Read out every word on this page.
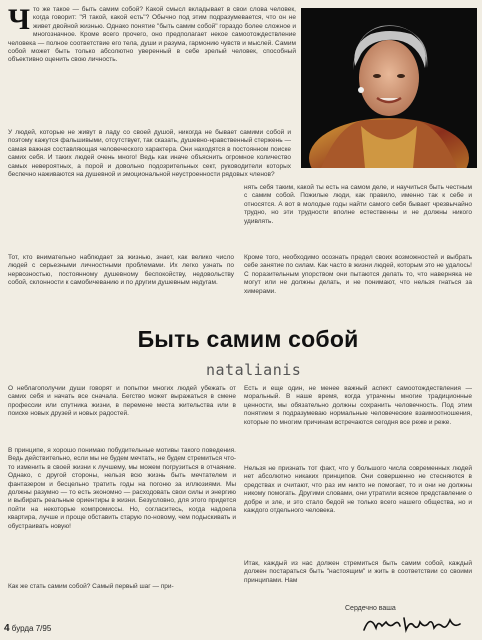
Ч то же такое — быть самим собой? Какой смысл вкладывает в свои слова человек, когда говорит: "Я такой, какой есть"? Обычно под этим подразумевается, что он не живет двойной жизнью. Однако понятие "быть самим собой" гораздо более сложное и многозначное. Кроме всего прочего, оно предполагает некое самоотождествление человека — полное соответствие его тела, души и разума, гармонию чувств и мыслей. Самим собой может быть только абсолютно уверенный в себе зрелый человек, способный объективно оценить свою личность.
У людей, которые не живут в ладу со своей душой, никогда не бывает самими собой и поэтому кажутся фальшивыми, отсутствует, так сказать, душевно-нравственный стержень — самая важная составляющая человеческого характера. Они находятся в постоянном поиске самих себя. И таких людей очень много! Ведь как иначе объяснить огромное количество самых невероятных, а порой и довольно подозрительных сект, руководители которых беспечно наживаются на душевной и эмоциональной неустроенности рядовых членов?
Тот, кто внимательно наблюдает за жизнью, знает, как велико число людей с серьезными личностными проблемами. Их легко узнать по нервозностью, постоянному душевному беспокойству, недовольству собой, склонности к самобичеванию и по другим душевным недугам.
нять себя таким, какой ты есть на самом деле, и научиться быть честным с самим собой. Пожилые люди, как правило, именно так к себе и относятся. А вот в молодые годы найти самого себя бывает чрезвычайно трудно, но эти трудности вполне естественны и не должны никого удивлять.
Кроме того, необходимо осознать предел своих возможностей и выбрать себе занятие по силам. Как часто в жизни людей, которым это не удалось! С поразительным упорством они пытаются делать то, что наверняка не могут или не должны делать, и не понимают, что нельзя гнаться за химерами.
Быть самим собой
natalianis
О неблагополучии души говорят и попытки многих людей убежать от самих себя и начать все сначала. Бегство может выражаться в смене профессии или спутника жизни, в перемене места жительства или в поиске новых друзей и новых радостей.
В принципе, я хорошо понимаю побудительные мотивы такого поведения. Ведь действительно, если мы не будем мечтать, не будем стремиться что-то изменить в своей жизни к лучшему, мы можем погрузиться в отчаяние. Однако, с другой стороны, нельзя всю жизнь быть мечтателем и фантазером и бесцельно тратить годы на погоню за иллюзиями. Мы должны разумно — то есть экономно — расходовать свои силы и энергию и выбирать реальные ориентиры в жизни. Безусловно, для этого придется пойти на некоторые компромиссы. Но, согласитесь, когда надоела квартира, лучше и проще обставить старую по-новому, чем подыскивать и обустраивать новую!
Как же стать самим собой? Самый первый шаг — при-
Есть и еще один, не менее важный аспект самоотождествления — моральный. В наше время, когда утрачены многие традиционные ценности, мы обязательно должны сохранить человечность. Под этим понятием я подразумеваю нормальные человеческие взаимоотношения, которые по многим причинам встречаются сегодня все реже и реже.
Нельзя не признать тот факт, что у большого числа современных людей нет абсолютно никаких принципов. Они совершенно не стесняются в средствах и считают, что раз им никто не помогает, то и они не должны никому помогать. Другими словами, они утратили всякое представление о добре и зле, и это стало бедой не только всего нашего общества, но и каждого отдельного человека.
Итак, каждый из нас должен стремиться быть самим собой, каждый должен постараться быть "настоящим" и жить в соответствии со своими принципами. Нам
Сердечно ваша
4 бурда 7/95
